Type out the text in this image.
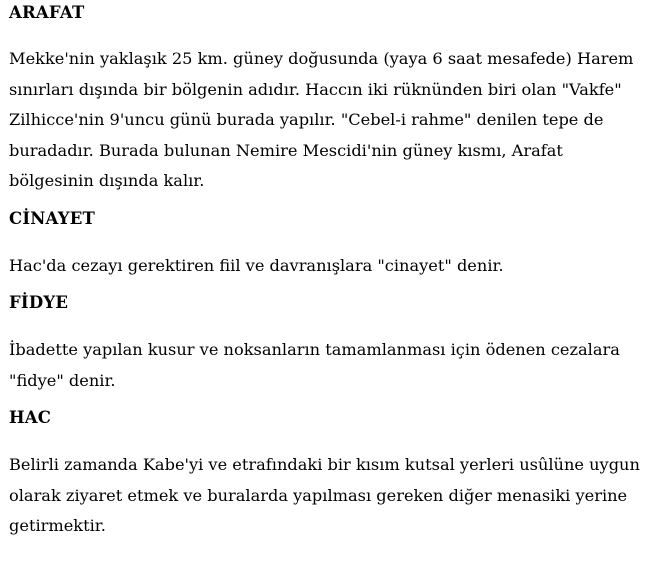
ARAFAT

Mekke'nin yaklaşık 25 km. güney doğusunda (yaya 6 saat mesafede) Harem sınırları dışında bir bölgenin adıdır. Haccın iki rüknünden biri olan "Vakfe" Zilhicce'nin 9'uncu günü burada yapılır. "Cebel-i rahme" denilen tepe de buradadır. Burada bulunan Nemire Mescidi'nin güney kısmı, Arafat bölgesinin dışında kalır.

CİNAYET

Hac'da cezayı gerektiren fiil ve davranışlara "cinayet" denir.

FİDYE

İbadette yapılan kusur ve noksanların tamamlanması için ödenen cezalara "fidye" denir.

HAC

Belirli zamanda Kabe'yi ve etrafındaki bir kısım kutsal yerleri usûlüne uygun olarak ziyaret etmek ve buralarda yapılması gereken diğer menasiki yerine getirmektir.
